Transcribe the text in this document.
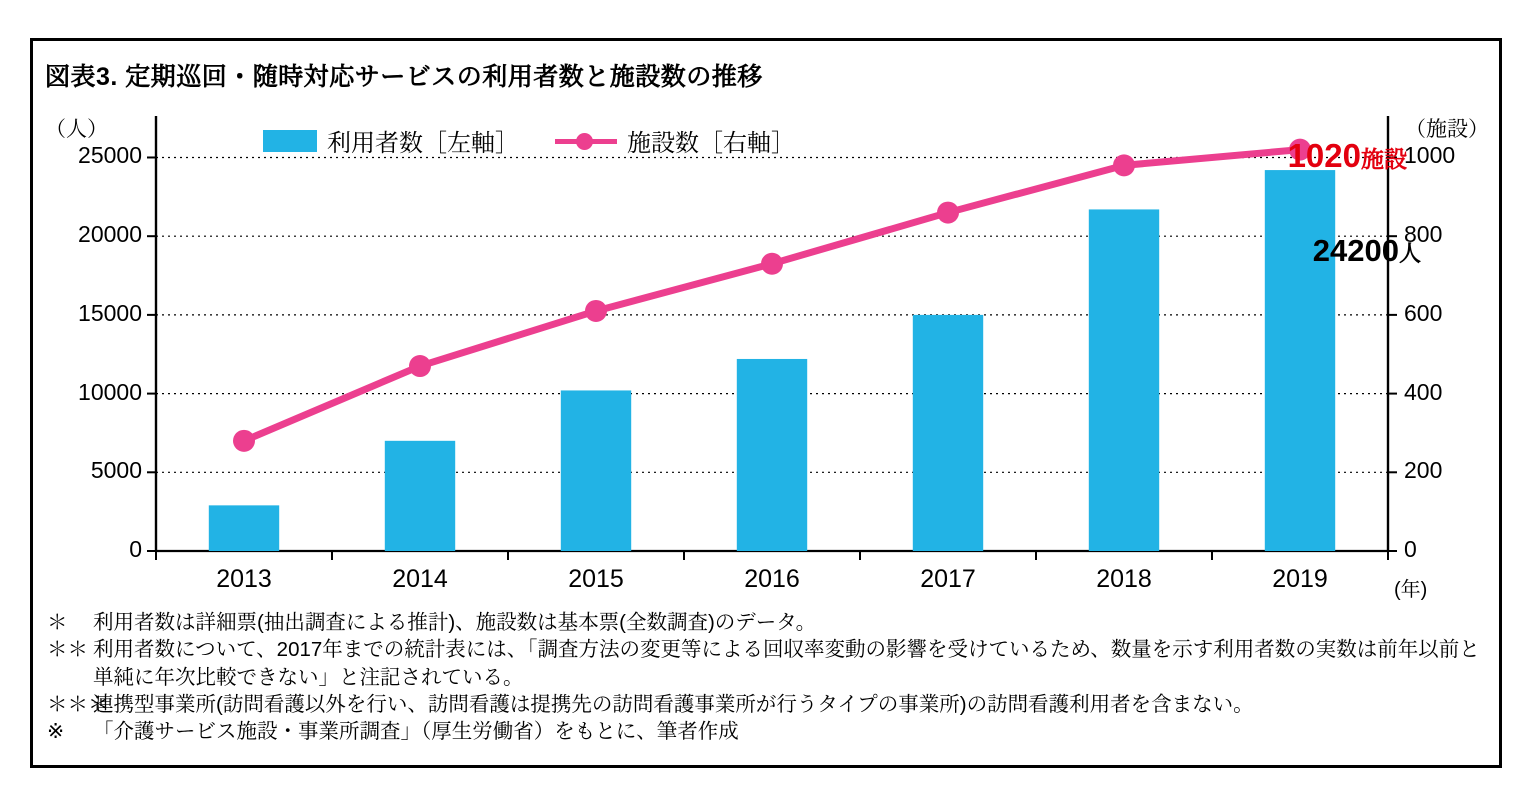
図表3. 定期巡回・随時対応サービスの利用者数と施設数の推移
（人）	（施設）
利用者数［左軸］	施設数［右軸］
0
5000
10000
15000
20000
25000
0
200
400
600
800
1000
2013	2014	2015	2016	2017	2018	2019	(年)
1020施設
24200人
＊	利用者数は詳細票(抽出調査による推計)、施設数は基本票(全数調査)のデータ。
＊＊ 利用者数について、2017年までの統計表には、「調査方法の変更等による回収率変動の影響を受けているため、数量を示す利用者数の実数は前年以前と単純に年次比較できない」と注記されている。
＊＊＊
連携型事業所(訪問看護以外を行い、訪問看護は提携先の訪問看護事業所が行うタイプの事業所)の訪問看護利用者を含まない。
※	「介護サービス施設・事業所調査」（厚生労働省）をもとに、筆者作成
